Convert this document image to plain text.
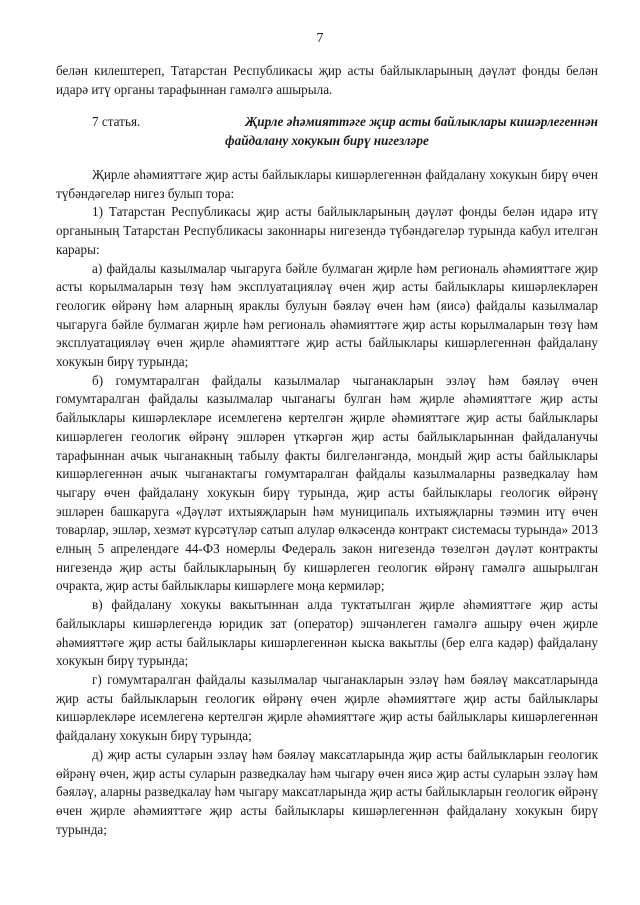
7

белән килештереп, Татарстан Республикасы җир асты байлыкларының дәүләт фонды белән идарә итү органы тарафыннан гамәлгә ашырыла.

7 статья.	Җирле әһәмияттәге җир асты байлыклары кишәрлегеннән
файдалану хокукын бирү нигезләре

Җирле әһәмияттәге җир асты байлыклары кишәрлегеннән файдалану хокукын бирү өчен түбәндәгеләр нигез булып тора:

1) Татарстан Республикасы җир асты байлыкларының дәүләт фонды белән идарә итү органының Татарстан Республикасы законнары нигезендә түбәндәгеләр турында кабул ителгән карары:

а) файдалы казылмалар чыгаруга бәйле булмаган җирле һәм региональ әһәмияттәге җир асты корылмаларын төзү һәм эксплуатацияләү өчен җир асты байлыклары кишәрлекләрен геологик өйрәнү һәм аларның яраклы булуын бәяләү өчен һәм (яисә) файдалы казылмалар чыгаруга бәйле булмаган җирле һәм региональ әһәмияттәге җир асты корылмаларын төзү һәм эксплуатацияләү өчен җирле әһәмияттәге җир асты байлыклары кишәрлегеннән файдалану хокукын бирү турында;

б) гомумтаралган файдалы казылмалар чыганакларын эзләү һәм бәяләү өчен гомумтаралган файдалы казылмалар чыганагы булган һәм җирле әһәмияттәге җир асты байлыклары кишәрлекләре исемлегенә кертелгән җирле әһәмияттәге җир асты байлыклары кишәрлеген геологик өйрәнү эшләрен үткәргән җир асты байлыкларыннан файдаланучы тарафыннан ачык чыганакның табылу факты билгеләнгәндә, мондый җир асты байлыклары кишәрлегеннән ачык чыганактагы гомумтаралган файдалы казылмаларны разведкалау һәм чыгару өчен файдалану хокукын бирү турында, җир асты байлыклары геологик өйрәнү эшләрен башкаруга «Дәүләт ихтыяҗларын һәм муниципаль ихтыяҗларны тәэмин итү өчен товарлар, эшләр, хезмәт күрсәтүләр сатып алулар өлкәсендә контракт системасы турында» 2013 елның 5 апрелендәге 44-ФЗ номерлы Федераль закон нигезендә төзелгән дәүләт контракты нигезендә җир асты байлыкларының бу кишәрлеген геологик өйрәнү гамәлгә ашырылган очракта, җир асты байлыклары кишәрлеге моңа кермиләр;

в) файдалану хокукы вакытыннан алда туктатылган җирле әһәмияттәге җир асты байлыклары кишәрлегендә юридик зат (оператор) эшчәнлеген гамәлгә ашыру өчен җирле әһәмияттәге җир асты байлыклары кишәрлегеннән кыска вакытлы (бер елга кадәр) файдалану хокукын бирү турында;

г) гомумтаралган файдалы казылмалар чыганакларын эзләү һәм бәяләү максатларында җир асты байлыкларын геологик өйрәнү өчен җирле әһәмияттәге җир асты байлыклары кишәрлекләре исемлегенә кертелгән җирле әһәмияттәге җир асты байлыклары кишәрлегеннән файдалану хокукын бирү турында;

д) җир асты суларын эзләү һәм бәяләү максатларында җир асты байлыкларын геологик өйрәнү өчен, җир асты суларын разведкалау һәм чыгару өчен яисә җир асты суларын эзләү һәм бәяләү, аларны разведкалау һәм чыгару максатларында җир асты байлыкларын геологик өйрәнү өчен җирле әһәмияттәге җир асты байлыклары кишәрлегеннән файдалану хокукын бирү турында;
